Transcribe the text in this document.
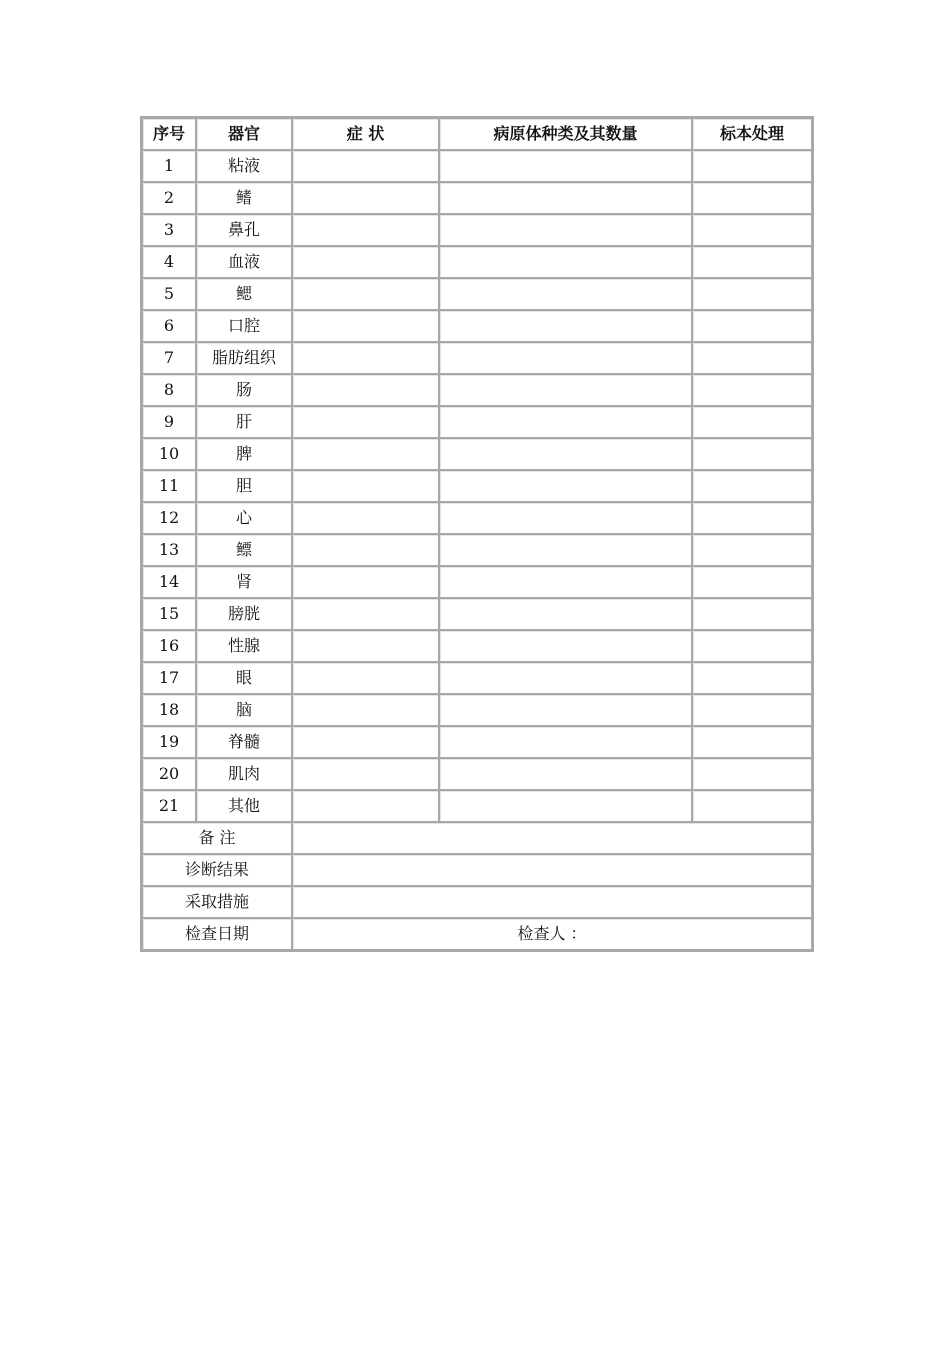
序号	器官	症 状	病原体种类及其数量	标本处理
1	粘液			
2	鳍			
3	鼻孔			
4	血液			
5	鳃			
6	口腔			
7	脂肪组织			
8	肠			
9	肝			
10	脾			
11	胆			
12	心			
13	鳔			
14	肾			
15	膀胱			
16	性腺			
17	眼			
18	脑			
19	脊髓			
20	肌肉			
21	其他			
备 注				
诊断结果				
采取措施				
检查日期		检查人 ：		
